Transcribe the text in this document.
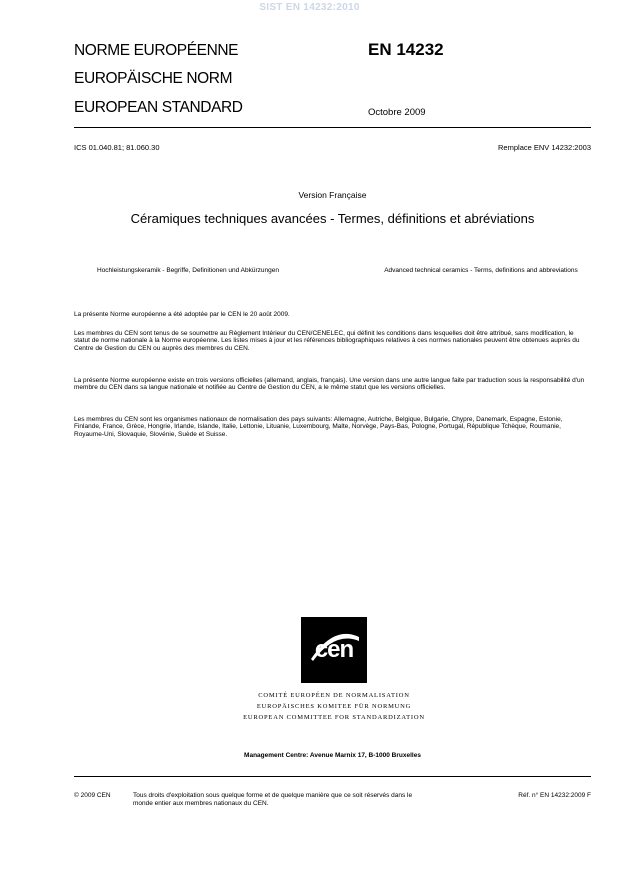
SIST EN 14232:2010
NORME EUROPÉENNE
EUROPÄISCHE NORM
EUROPEAN STANDARD
EN 14232
Octobre 2009
ICS 01.040.81; 81.060.30	Remplace ENV 14232:2003
Version Française
Céramiques techniques avancées - Termes, définitions et abréviations
Hochleistungskeramik - Begriffe, Definitionen und Abkürzungen	Advanced technical ceramics - Terms, definitions and abbreviations

La présente Norme européenne a été adoptée par le CEN le 20 août 2009.

Les membres du CEN sont tenus de se soumettre au Règlement Intérieur du CEN/CENELEC, qui définit les conditions dans lesquelles doit être attribué, sans modification, le statut de norme nationale à la Norme européenne. Les listes mises à jour et les références bibliographiques relatives à ces normes nationales peuvent être obtenues auprès du Centre de Gestion du CEN ou auprès des membres du CEN.

La présente Norme européenne existe en trois versions officielles (allemand, anglais, français). Une version dans une autre langue faite par traduction sous la responsabilité d'un membre du CEN dans sa langue nationale et notifiée au Centre de Gestion du CEN, a le même statut que les versions officielles.

Les membres du CEN sont les organismes nationaux de normalisation des pays suivants: Allemagne, Autriche, Belgique, Bulgarie, Chypre, Danemark, Espagne, Estonie, Finlande, France, Grèce, Hongrie, Irlande, Islande, Italie, Lettonie, Lituanie, Luxembourg, Malte, Norvège, Pays-Bas, Pologne, Portugal, République Tchèque, Roumanie, Royaume-Uni, Slovaquie, Slovénie, Suède et Suisse.

cen
COMITÉ EUROPÉEN DE NORMALISATION
EUROPÄISCHES KOMITEE FÜR NORMUNG
EUROPEAN COMMITTEE FOR STANDARDIZATION
Management Centre: Avenue Marnix 17, B-1000 Bruxelles
© 2009 CEN	Tous droits d'exploitation sous quelque forme et de quelque manière que ce soit réservés dans le monde entier aux membres nationaux du CEN.
Réf. n° EN 14232:2009 F
